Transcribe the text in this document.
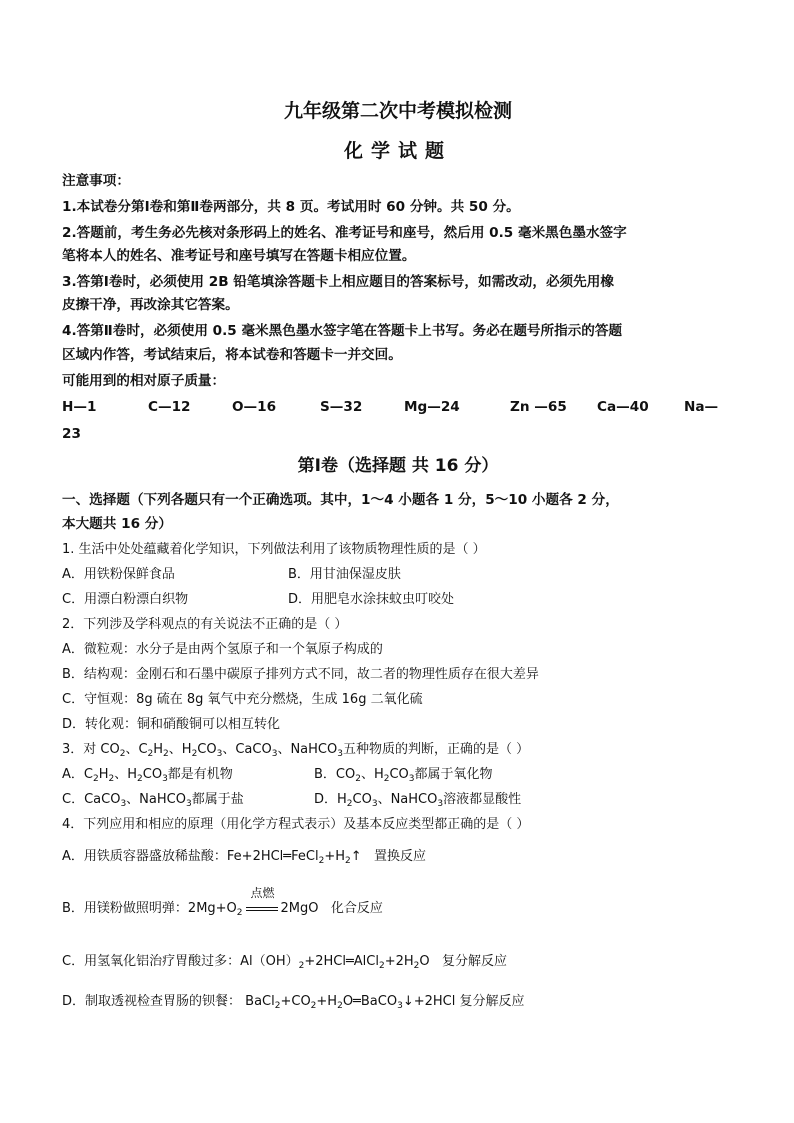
九年级第二次中考模拟检测
化学试题
注意事项：
1.本试卷分第Ⅰ卷和第Ⅱ卷两部分，共 8 页。考试用时 60 分钟。共 50 分。
2.答题前，考生务必先核对条形码上的姓名、准考证号和座号，然后用 0.5 毫米黑色墨水签字
笔将本人的姓名、准考证号和座号填写在答题卡相应位置。
3.答第Ⅰ卷时，必须使用 2B 铅笔填涂答题卡上相应题目的答案标号，如需改动，必须先用橡
皮擦干净，再改涂其它答案。
4.答第Ⅱ卷时，必须使用 0.5 毫米黑色墨水签字笔在答题卡上书写。务必在题号所指示的答题
区域内作答，考试结束后，将本试卷和答题卡一并交回。
可能用到的相对原子质量：
H—1	C—12	O—16	S—32	Mg—24	Zn —65 Ca—40	Na—
23
第Ⅰ卷（选择题 共 16 分）
一、选择题（下列各题只有一个正确选项。其中，1～4 小题各 1 分，5～10 小题各 2 分，
本大题共 16 分）
1. 生活中处处蕴藏着化学知识，下列做法利用了该物质物理性质的是（ ）
A．用铁粉保鲜食品	B．用甘油保湿皮肤
C．用漂白粉漂白织物	D．用肥皂水涂抹蚊虫叮咬处
2．下列涉及学科观点的有关说法不正确的是（ ）
A．微粒观：水分子是由两个氢原子和一个氧原子构成的
B．结构观：金刚石和石墨中碳原子排列方式不同，故二者的物理性质存在很大差异
C．守恒观：8g 硫在 8g 氧气中充分燃烧，生成 16g 二氧化硫
D．转化观：铜和硝酸铜可以相互转化
3．对 $CO_2$、$C_2H_2$、$H_2CO_3$、CaCO$_3$、NaHCO$_3$五种物质的判断，正确的是（ ）
A．$C_2H_2$、$H_2CO_3$都是有机物	B．$CO_2$、$H_2CO_3$都属于氧化物
C．CaCO$_3$、NaHCO$_3$都属于盐	D．$H_2CO_3$、NaHCO$_3$溶液都显酸性
4．下列应用和相应的原理（用化学方程式表示）及基本反应类型都正确的是（ ）
A．用铁质容器盛放稀盐酸：$Fe+2HCl═FeCl_2+H_2↑$ 置换反应
B．用镁粉做照明弹：$2Mg+O_2$
点燃
2MgO 化合反应
C．用氢氧化铝治疗胃酸过多：$Al(OH)_2+2HCl═AlCl_2+2H_2O$ 复分解反应
D．制取透视检查胃肠的钡餐： $BaCl_2+CO_2+H_2O═BaCO_3↓+2HCl$ 复分解反应
